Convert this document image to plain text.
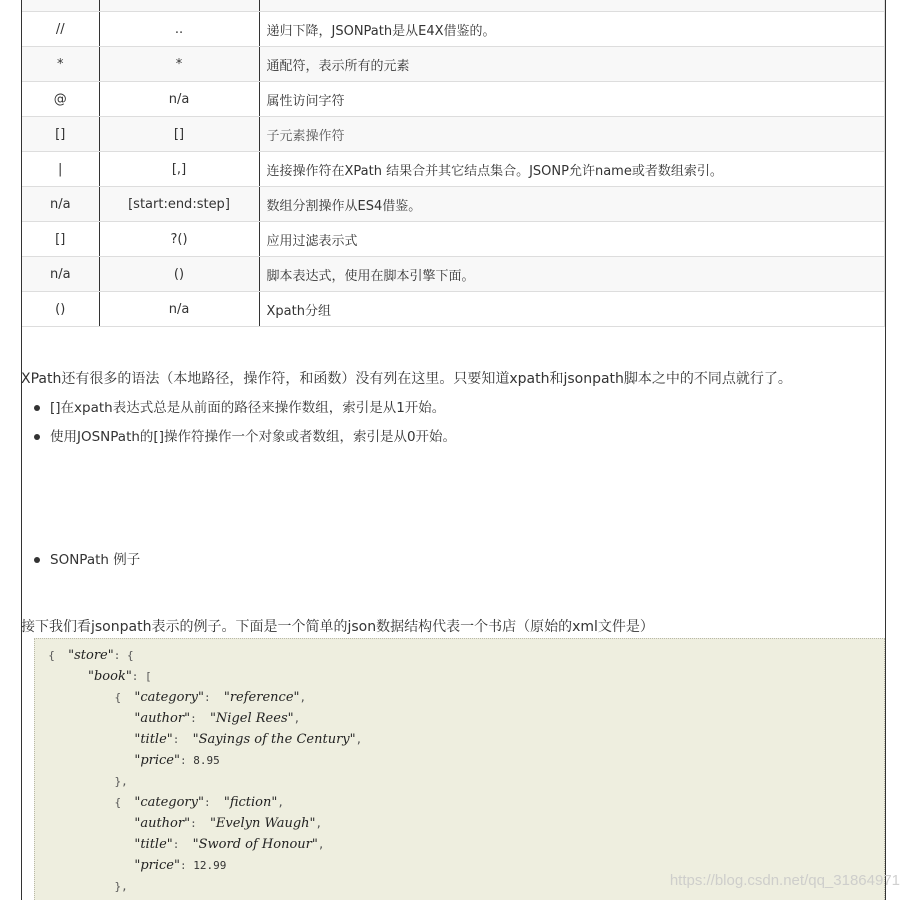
//	..	递归下降，JSONPath是从E4X借鉴的。
*	*	通配符，表示所有的元素
@	n/a	属性访问字符
[]	[]	子元素操作符
|	[,]	连接操作符在XPath 结果合并其它结点集合。JSONP允许name或者数组索引。
n/a	[start:end:step]	数组分割操作从ES4借鉴。
[]	?()	应用过滤表示式
n/a	()	脚本表达式，使用在脚本引擎下面。
()	n/a	Xpath分组

XPath还有很多的语法（本地路径，操作符，和函数）没有列在这里。只要知道xpath和jsonpath脚本之中的不同点就行了。

[]在xpath表达式总是从前面的路径来操作数组，索引是从1开始。
使用JOSNPath的[]操作符操作一个对象或者数组，索引是从0开始。
SONPath 例子

接下我们看jsonpath表示的例子。下面是一个简单的json数据结构代表一个书店（原始的xml文件是）

{  "store": {
"book": [
{  "category":  "reference",
"author":  "Nigel Rees",
"title":  "Sayings of the Century",
"price": 8.95
},
{  "category":  "fiction",
"author":  "Evelyn Waugh",
"title":  "Sword of Honour",
"price": 12.99
},	https://blog.csdn.net/qq_31864971
